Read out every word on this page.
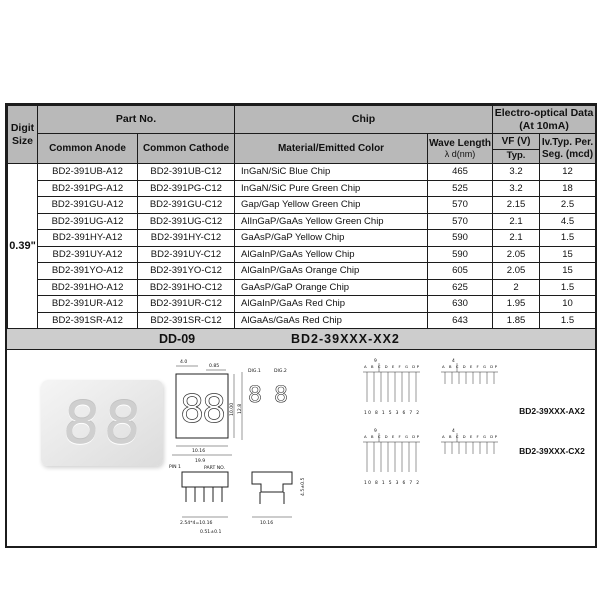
Digit
Size
	Part No.	Chip	
Electro-optical Data
(At 10mA)

Common Anode	Common Cathode	Material/Emitted Color	Wave Length
λ d(nm)
	VF (V)	Iv.Typ. Per.
Seg. (mcd)

					Typ.	
0.39"	BD2-391UB-A12	BD2-391UB-C12	InGaN/SiC Blue Chip	465	3.2	12
	BD2-391PG-A12	BD2-391PG-C12	InGaN/SiC Pure Green Chip	525	3.2	18
	BD2-391GU-A12	BD2-391GU-C12	Gap/Gap Yellow Green Chip	570	2.15	2.5
	BD2-391UG-A12	BD2-391UG-C12	AlInGaP/GaAs Yellow Green Chip	570	2.1	4.5
	BD2-391HY-A12	BD2-391HY-C12	GaAsP/GaP Yellow Chip	590	2.1	1.5
	BD2-391UY-A12	BD2-391UY-C12	AlGaInP/GaAs Yellow Chip	590	2.05	15
	BD2-391YO-A12	BD2-391YO-C12	AlGaInP/GaAs Orange Chip	605	2.05	15
	BD2-391HO-A12	BD2-391HO-C12	GaAsP/GaP Orange Chip	625	2	1.5
	BD2-391UR-A12	BD2-391UR-C12	AlGaInP/GaAs Red Chip	630	1.95	10
	BD2-391SR-A12	BD2-391SR-C12	AlGaAs/GaAs Red Chip	643	1.85	1.5
DD-09	BD2-39XXX-XX2
8 8 8
8
4.0
0.85
10.00 12.8
10.16
19.9
PIN 1
DIG.1	DIG.2
8 8
PART NO.
2.54*4=10.16	10.16
0.51±0.1
4.5±0.5
9
A B C D E F G DP
10 8 1 5 3 6 7 2
4
A B C D E F G DP
BD2-39XXX-AX2
9
A B C D E F G DP
10 8 1 5 3 6 7 2
4
A B C D E F G DP
BD2-39XXX-CX2
